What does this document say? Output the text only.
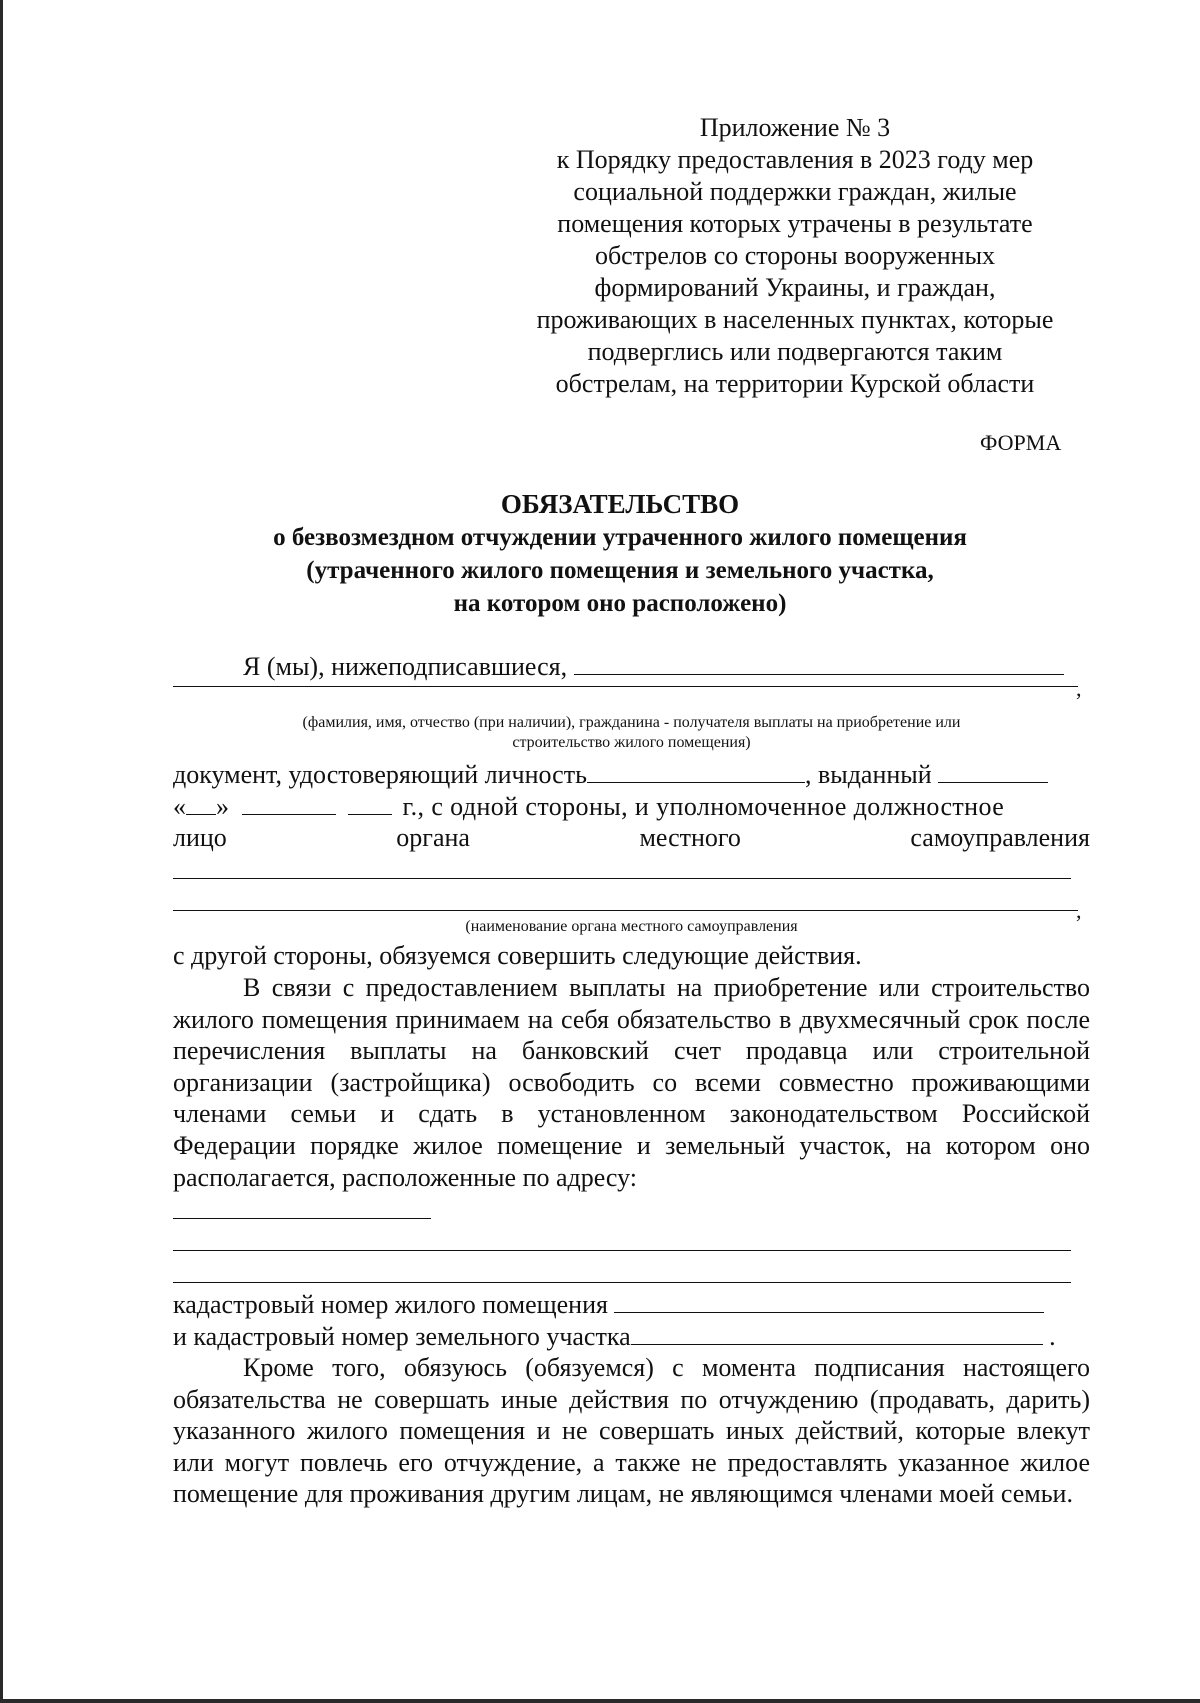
Приложение № 3
к Порядку предоставления в 2023 году мер
социальной поддержки граждан, жилые
помещения которых утрачены в результате
обстрелов со стороны вооруженных
формирований Украины, и граждан,
проживающих в населенных пунктах, которые
подверглись или подвергаются таким
обстрелам, на территории Курской области
ФОРМА
ОБЯЗАТЕЛЬСТВО
о безвозмездном отчуждении утраченного жилого помещения
(утраченного жилого помещения и земельного участка,
на котором оно расположено)
Я (мы), нижеподписавшиеся,
,
(фамилия, имя, отчество (при наличии), гражданина - получателя выплаты на приобретение или
строительство жилого помещения)
документ, удостоверяющий личность	, выданный
« »	г., с одной стороны, и уполномоченное должностное
лицо	органа	местного	самоуправления
,
(наименование органа местного самоуправления
с другой стороны, обязуемся совершить следующие действия.
В связи с предоставлением выплаты на приобретение или строительство жилого помещения принимаем на себя обязательство в двухмесячный срок после перечисления выплаты на банковский счет продавца или строительной организации (застройщика) освободить со всеми совместно проживающими членами семьи и сдать в установленном законодательством Российской Федерации порядке жилое помещение и земельный участок, на котором оно располагается, расположенные по адресу:
кадастровый номер жилого помещения
и кадастровый номер земельного участка	.
Кроме того, обязуюсь (обязуемся) с момента подписания настоящего обязательства не совершать иные действия по отчуждению (продавать, дарить) указанного жилого помещения и не совершать иных действий, которые влекут или могут повлечь его отчуждение, а также не предоставлять указанное жилое помещение для проживания другим лицам, не являющимся членами моей семьи.
